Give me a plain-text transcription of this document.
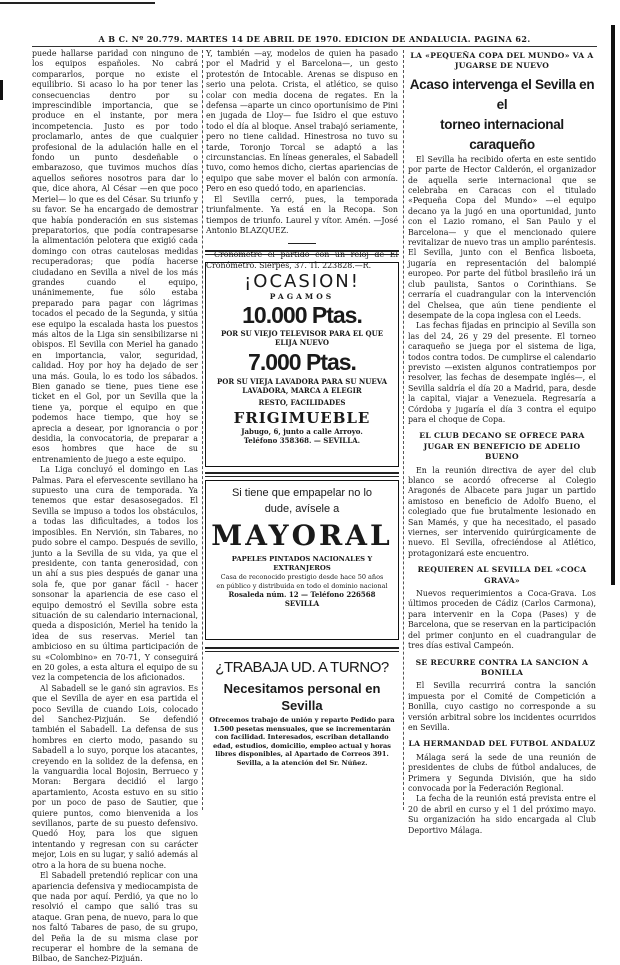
A B C. Nº 20.779. MARTES 14 DE ABRIL DE 1970. EDICION DE ANDALUCIA. PAGINA 62.

puede hallarse paridad con ninguno de los equipos españoles. No cabrá compararlos, porque no existe el equilibrio. Si acaso lo ha por tener las consecuencias dentro por su imprescindible importancia, que se produce en el instante, por mera incompetencia. Justo es por todo proclamarlo, antes de que cualquier profesional de la adulación halle en el fondo un punto desdeñable o embarazoso, que tuvimos muchos días aquellos señores nosotros para dar lo que, dice ahora, Al César —en que poco Meriel— lo que es del César. Su triunfo y su favor. Se ha encargado de demostrar que había ponderación en sus sistemas preparatorios, que podía contrapesarse la alimentación pelotera que exigió cada domingo con otras cautelosas medidas recuperadoras; que podía hacerse ciudadano en Sevilla a nivel de los más grandes cuando el equipo, unánimemente, fue sólo estaba preparado para pagar con lágrimas tocados el pecado de la Segunda, y sitúa ese equipo la escalada hasta los puestos más altos de la Liga sin sensibilizarse ni obispos. El Sevilla con Meriel ha ganado en importancia, valor, seguridad, calidad. Hoy por hoy ha dejado de ser una más. Goula, lo es todo los sábados. Bien ganado se tiene, pues tiene ese ticket en el Gol, por un Sevilla que la tiene ya, porque el equipo en que podemos hace tiempo, que hoy se aprecia a desear, por ignorancia o por desidia, la convocatoria, de preparar a esos hombres que hace de su entrenamiento de juego a este equipo.

La Liga concluyó el domingo en Las Palmas. Para el efervescente sevillano ha supuesto una cura de temporada. Ya tenemos que estar desasosegados. El Sevilla se impuso a todos los obstáculos, a todas las dificultades, a todos los imposibles. En Nervión, sin Tabares, no pudo sobre el campo. Después de sevillo, junto a la Sevilla de su vida, ya que el presidente, con tanta generosidad, con un ahí a sus pies después de ganar una sola fe, que por ganar fácil - hacer sonsonar la apariencia de ese caso el equipo demostró el Sevilla sobre esta situación de su calendario internacional, queda a disposición, Meriel ha tenido la idea de sus reservas. Meriel tan ambicioso en su última participación de su «Colombino» en 70-71, Y conseguirá en 20 goles, a esta altura el equipo de su vez la competencia de los aficionados.

Al Sabadell se le ganó sin agravios. Es que el Sevilla de ayer en esa partida el poco Sevilla de cuando Lois, colocado del Sanchez-Pizjuán. Se defendió también el Sabadell. La defensa de sus hombres en cierto modo, pasando su Sabadell a lo suyo, porque los atacantes, creyendo en la solidez de la defensa, en la vanguardia local Bojosin, Berrueco y Moran: Bergara decidió el largo apartamiento, Acosta estuvo en su sitio por un poco de paso de Sautier, que quiere puntos, como bienvenida a los sevillanos, parte de su puesto defensivo. Quedó Hoy, para los que siguen intentando y regresan con su carácter mejor, Lois en su lugar, y salió además al otro a la hora de su buena noche.

El Sabadell pretendió replicar con una apariencia defensiva y mediocampista de que nada por aquí. Perdió, ya que no lo resolvió el campo que salió tras su ataque. Gran pena, de nuevo, para lo que nos faltó Tabares de paso, de su grupo, del Peña la de su misma clase por recuperar el hombre de la semana de Bilbao, de Sanchez-Pizjuán.

Y, también —ay, modelos de quien ha pasado por el Madrid y el Barcelona—, un gesto protestón de Intocable. Arenas se dispuso en serio una pelota. Crista, el atlético, se quiso colar con media docena de regates. En la defensa —aparte un cinco oportunísimo de Pini en jugada de Lloy— fue Isidro el que estuvo todo el día al bloque. Ansel trabajó seriamente, pero no tiene calidad. Hinestrosa no tuvo su tarde, Toronjo Torcal se adaptó a las circunstancias. En líneas generales, el Sabadell tuvo, como hemos dicho, ciertas apariencias de equipo que sabe mover el balón con armonía. Pero en eso quedó todo, en apariencias.

El Sevilla cerró, pues, la temporada triunfalmente. Ya está en la Recopa. Son tiempos de triunfo. Laurel y vítor. Amén. —José Antonio BLAZQUEZ.

Cronometre el partido con un reloj de El Cronómetro. Sierpes, 37. Tl. 223828.—R.

¡OCASION!
PAGAMOS
10.000 Ptas.
POR SU VIEJO TELEVISOR PARA EL QUE ELIJA NUEVO
7.000 Ptas.
POR SU VIEJA LAVADORA PARA SU NUEVA LAVADORA, MARCA A ELEGIR
RESTO, FACILIDADES
FRIGIMUEBLE
Jabugo, 6, junto a calle Arroyo.
Teléfono 358368. — SEVILLA.
Si tiene que empapelar no lo dude, avísele a
MAYORAL
PAPELES PINTADOS NACIONALES Y EXTRANJEROS
Casa de reconocido prestigio desde hace 50 años en público y distribuida en todo el dominio nacional
Rosaleda núm. 12 — Teléfono 226568
SEVILLA
¿TRABAJA UD. A TURNO?
Necesitamos personal en Sevilla
Ofrecemos trabajo de unión y reparto Pedido para 1.500 pesetas mensuales, que se incrementarán con facilidad. Interesados, escriban detallando edad, estudios, domicilio, empleo actual y horas libres disponibles, al Apartado de Correos 391. Sevilla, a la atención del Sr. Núñez.
LA «PEQUEÑA COPA DEL MUNDO» VA A JUGARSE DE NUEVO
Acaso intervenga el Sevilla en el
torneo internacional caraqueño

El Sevilla ha recibido oferta en este sentido por parte de Hector Calderón, el organizador de aquella serie internacional que se celebraba en Caracas con el titulado «Pequeña Copa del Mundo» —el equipo decano ya la jugó en una oportunidad, junto con el Lazio romano, el San Paulo y el Barcelona— y que el mencionado quiere revitalizar de nuevo tras un amplio paréntesis. El Sevilla, junto con el Benfica lisboeta, jugaría en representación del balompié europeo. Por parte del fútbol brasileño irá un club paulista, Santos o Corinthians. Se cerraría el cuadrangular con la intervención del Chelsea, que aún tiene pendiente el desempate de la copa inglesa con el Leeds.

Las fechas fijadas en principio al Sevilla son las del 24, 26 y 29 del presente. El torneo caraqueño se juega por el sistema de liga, todos contra todos. De cumplirse el calendario previsto —existen algunos contratiempos por resolver, las fechas de desempate inglés—, el Sevilla saldría el día 20 a Madrid, para, desde la capital, viajar a Venezuela. Regresaría a Córdoba y jugaría el día 3 contra el equipo para el choque de Copa.

EL CLUB DECANO SE OFRECE PARA JUGAR EN BENEFICIO DE ADELIO BUENO

En la reunión directiva de ayer del club blanco se acordó ofrecerse al Colegio Aragonés de Albacete para jugar un partido amistoso en beneficio de Adolfo Bueno, el colegiado que fue brutalmente lesionado en San Mamés, y que ha necesitado, el pasado viernes, ser intervenido quirúrgicamente de nuevo. El Sevilla, ofreciéndose al Atlético, protagonizará este encuentro.

REQUIEREN AL SEVILLA DEL «COCA GRAVA»

Nuevos requerimientos a Coca-Grava. Los últimos proceden de Cádiz (Carlos Carmona), para intervenir en la Copa (Pases) y de Barcelona, que se reservan en la participación del primer conjunto en el cuadrangular de tres días estival Campeón.

SE RECURRE CONTRA LA SANCION A BONILLA

El Sevilla recurrirá contra la sanción impuesta por el Comité de Competición a Bonilla, cuyo castigo no corresponde a su versión arbitral sobre los incidentes ocurridos en Sevilla.

LA HERMANDAD DEL FUTBOL ANDALUZ

Málaga será la sede de una reunión de presidentes de clubs de fútbol andaluces, de Primera y Segunda División, que ha sido convocada por la Federación Regional.

La fecha de la reunión está prevista entre el 20 de abril en curso y el 1 del próximo mayo. Su organización ha sido encargada al Club Deportivo Málaga.
